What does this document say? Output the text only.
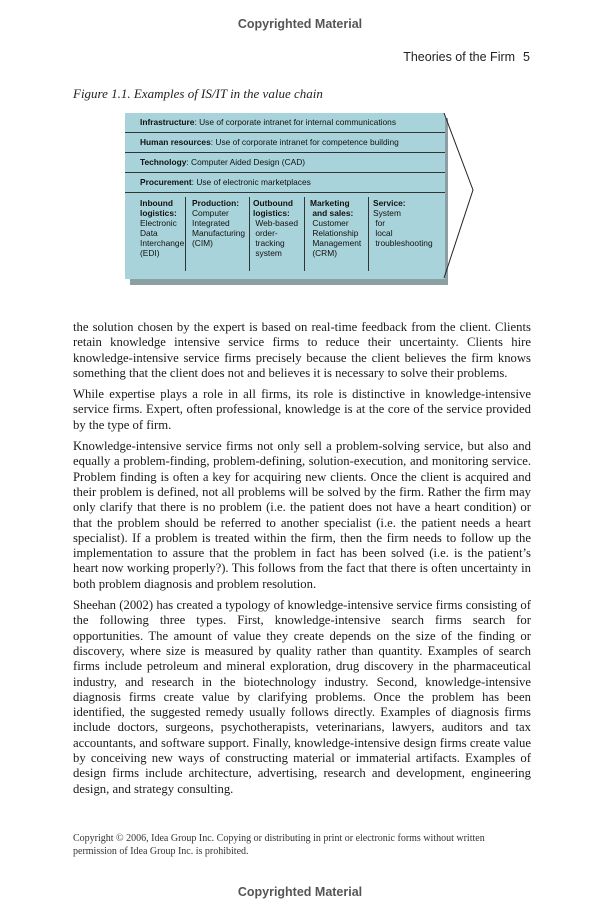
Copyrighted Material
Theories of the Firm 5
Figure 1.1. Examples of IS/IT in the value chain
Infrastructure: Use of corporate intranet for internal communications
Human resources: Use of corporate intranet for competence building
Technology: Computer Aided Design (CAD)
Procurement: Use of electronic marketplaces
Inbound
logistics:
Electronic
Data
Interchange
(EDI)
Production:
Computer
Integrated
Manufacturing
(CIM)
Outbound
logistics:
Web-based
order-
tracking
system
Marketing
and sales:
Customer
Relationship
Management
(CRM)
Service:
System
for
local
troubleshooting

the solution chosen by the expert is based on real-time feedback from the client. Clients retain knowledge intensive service firms to reduce their uncertainty. Clients hire knowledge-intensive service firms precisely because the client believes the firm knows something that the client does not and believes it is necessary to solve their problems.

While expertise plays a role in all firms, its role is distinctive in knowledge-intensive service firms. Expert, often professional, knowledge is at the core of the service provided by the type of firm.

Knowledge-intensive service firms not only sell a problem-solving service, but also and equally a problem-finding, problem-defining, solution-execution, and monitoring service. Problem finding is often a key for acquiring new clients. Once the client is acquired and their problem is defined, not all problems will be solved by the firm. Rather the firm may only clarify that there is no problem (i.e. the patient does not have a heart condition) or that the problem should be referred to another specialist (i.e. the patient needs a heart specialist). If a problem is treated within the firm, then the firm needs to follow up the implementation to assure that the problem in fact has been solved (i.e. is the patient’s heart now working properly?). This follows from the fact that there is often uncertainty in both problem diagnosis and problem resolution.

Sheehan (2002) has created a typology of knowledge-intensive service firms consisting of the following three types. First, knowledge-intensive search firms search for opportunities. The amount of value they create depends on the size of the finding or discovery, where size is measured by quality rather than quantity. Examples of search firms include petroleum and mineral exploration, drug discovery in the pharmaceutical industry, and research in the biotechnology industry. Second, knowledge-intensive diagnosis firms create value by clarifying problems. Once the problem has been identified, the suggested remedy usually follows directly. Examples of diagnosis firms include doctors, surgeons, psychotherapists, veterinarians, lawyers, auditors and tax accountants, and software support. Finally, knowledge-intensive design firms create value by conceiving new ways of constructing material or immaterial artifacts. Examples of design firms include architecture, advertising, research and development, engineering design, and strategy consulting.

Copyright © 2006, Idea Group Inc. Copying or distributing in print or electronic forms without written permission of Idea Group Inc. is prohibited.
Copyrighted Material
